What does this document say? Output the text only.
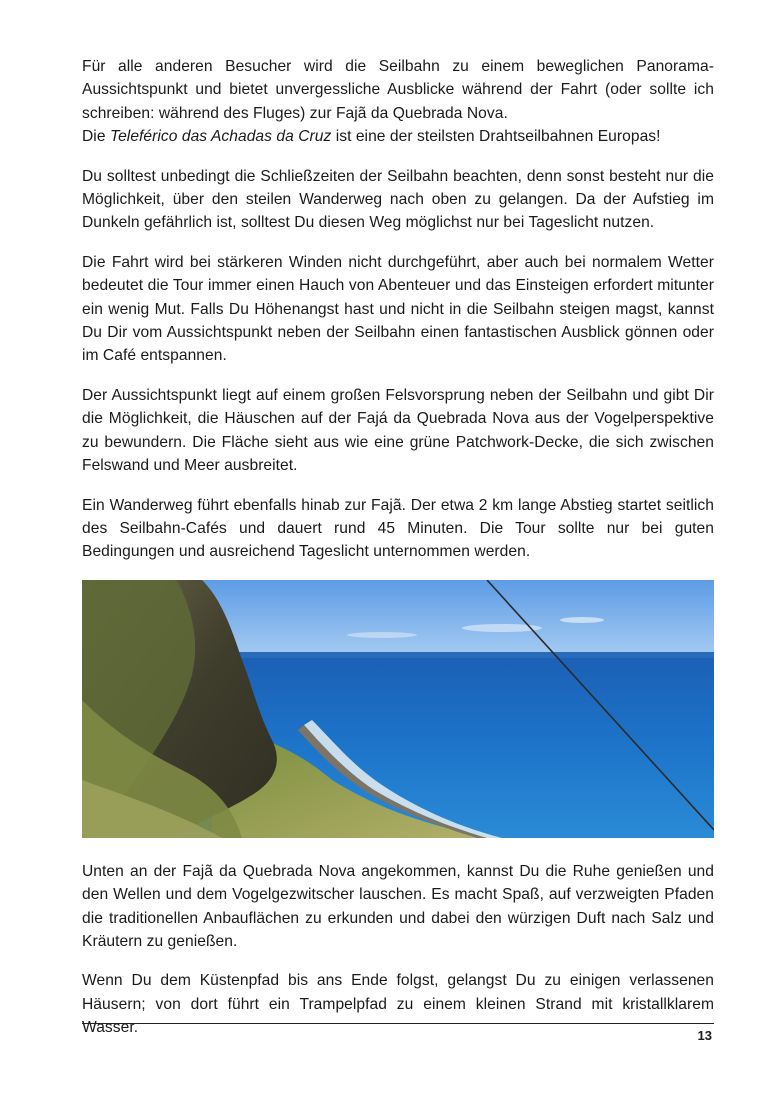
Für alle anderen Besucher wird die Seilbahn zu einem beweglichen Panorama-Aussichtspunkt und bietet unvergessliche Ausblicke während der Fahrt (oder sollte ich schreiben: während des Fluges) zur Fajã da Quebrada Nova.
Die Teleférico das Achadas da Cruz ist eine der steilsten Drahtseilbahnen Europas!

Du solltest unbedingt die Schließzeiten der Seilbahn beachten, denn sonst besteht nur die Möglichkeit, über den steilen Wanderweg nach oben zu gelangen. Da der Aufstieg im Dunkeln gefährlich ist, solltest Du diesen Weg möglichst nur bei Tageslicht nutzen.

Die Fahrt wird bei stärkeren Winden nicht durchgeführt, aber auch bei normalem Wetter bedeutet die Tour immer einen Hauch von Abenteuer und das Einsteigen erfordert mitunter ein wenig Mut. Falls Du Höhenangst hast und nicht in die Seilbahn steigen magst, kannst Du Dir vom Aussichtspunkt neben der Seilbahn einen fantastischen Ausblick gönnen oder im Café entspannen.

Der Aussichtspunkt liegt auf einem großen Felsvorsprung neben der Seilbahn und gibt Dir die Möglichkeit, die Häuschen auf der Fajá da Quebrada Nova aus der Vogelperspektive zu bewundern. Die Fläche sieht aus wie eine grüne Patchwork-Decke, die sich zwischen Felswand und Meer ausbreitet.

Ein Wanderweg führt ebenfalls hinab zur Fajã. Der etwa 2 km lange Abstieg startet seitlich des Seilbahn-Cafés und dauert rund 45 Minuten. Die Tour sollte nur bei guten Bedingungen und ausreichend Tageslicht unternommen werden.

Unten an der Fajã da Quebrada Nova angekommen, kannst Du die Ruhe genießen und den Wellen und dem Vogelgezwitscher lauschen. Es macht Spaß, auf verzweigten Pfaden die traditionellen Anbauflächen zu erkunden und dabei den würzigen Duft nach Salz und Kräutern zu genießen.

Wenn Du dem Küstenpfad bis ans Ende folgst, gelangst Du zu einigen verlassenen Häusern; von dort führt ein Trampelpfad zu einem kleinen Strand mit kristallklarem Wasser.	13
